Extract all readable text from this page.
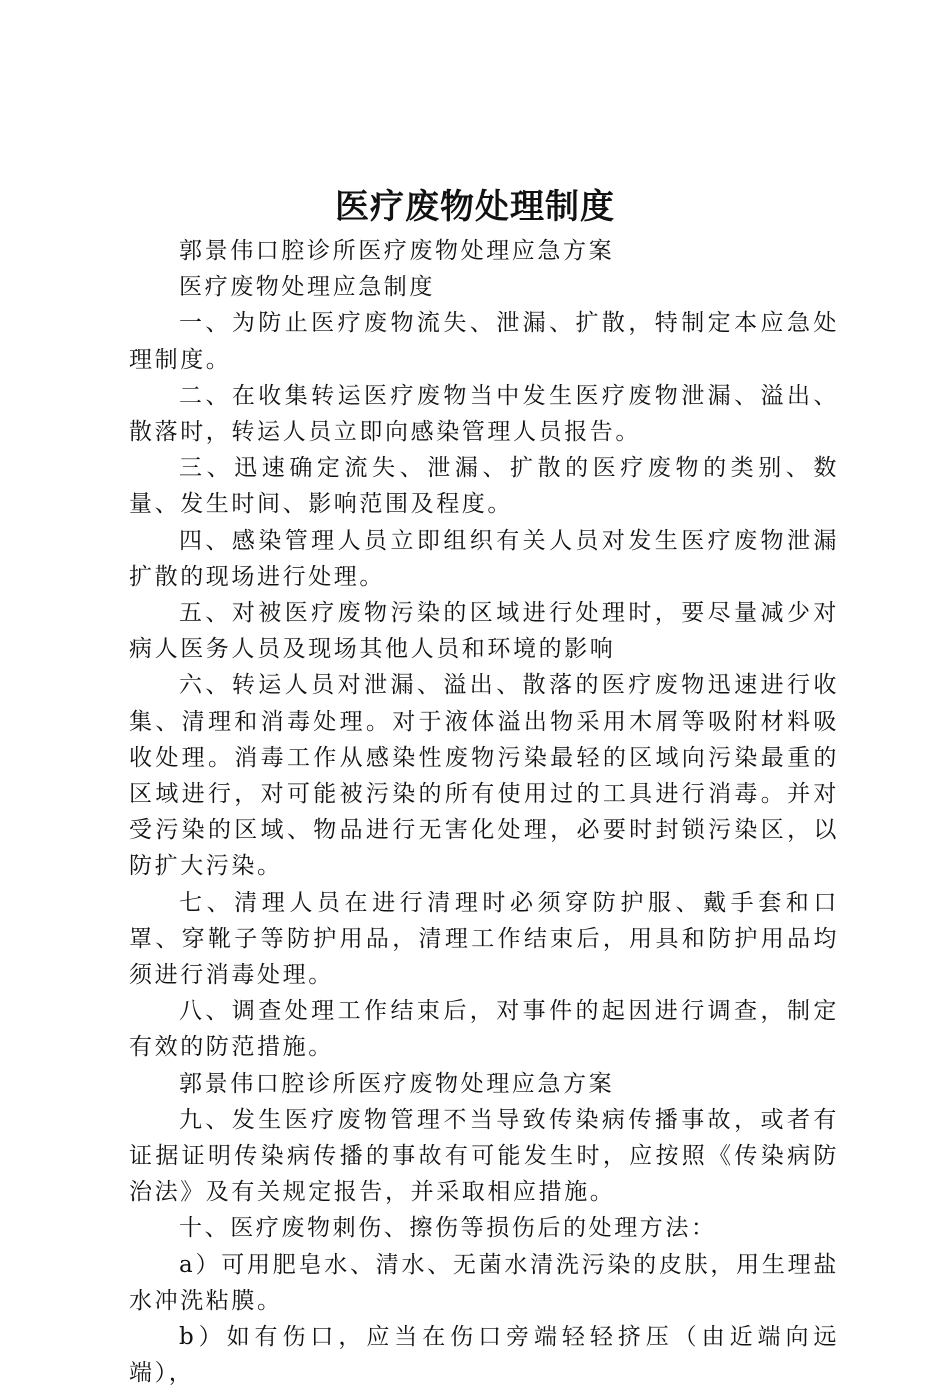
医疗废物处理制度

郭景伟口腔诊所医疗废物处理应急方案

医疗废物处理应急制度

一、为防止医疗废物流失、泄漏、扩散，特制定本应急处理制度。

二、在收集转运医疗废物当中发生医疗废物泄漏、溢出、散落时，转运人员立即向感染管理人员报告。

三、迅速确定流失、泄漏、扩散的医疗废物的类别、数量、发生时间、影响范围及程度。

四、感染管理人员立即组织有关人员对发生医疗废物泄漏扩散的现场进行处理。

五、对被医疗废物污染的区域进行处理时，要尽量减少对病人医务人员及现场其他人员和环境的影响

六、转运人员对泄漏、溢出、散落的医疗废物迅速进行收集、清理和消毒处理。对于液体溢出物采用木屑等吸附材料吸收处理。消毒工作从感染性废物污染最轻的区域向污染最重的区域进行，对可能被污染的所有使用过的工具进行消毒。并对受污染的区域、物品进行无害化处理，必要时封锁污染区，以防扩大污染。

七、清理人员在进行清理时必须穿防护服、戴手套和口罩、穿靴子等防护用品，清理工作结束后，用具和防护用品均须进行消毒处理。

八、调查处理工作结束后，对事件的起因进行调查，制定有效的防范措施。

郭景伟口腔诊所医疗废物处理应急方案

九、发生医疗废物管理不当导致传染病传播事故，或者有证据证明传染病传播的事故有可能发生时，应按照《传染病防治法》及有关规定报告，并采取相应措施。

十、医疗废物刺伤、擦伤等损伤后的处理方法：

a）可用肥皂水、清水、无菌水清洗污染的皮肤，用生理盐水冲洗粘膜。

b）如有伤口，应当在伤口旁端轻轻挤压（由近端向远端），
